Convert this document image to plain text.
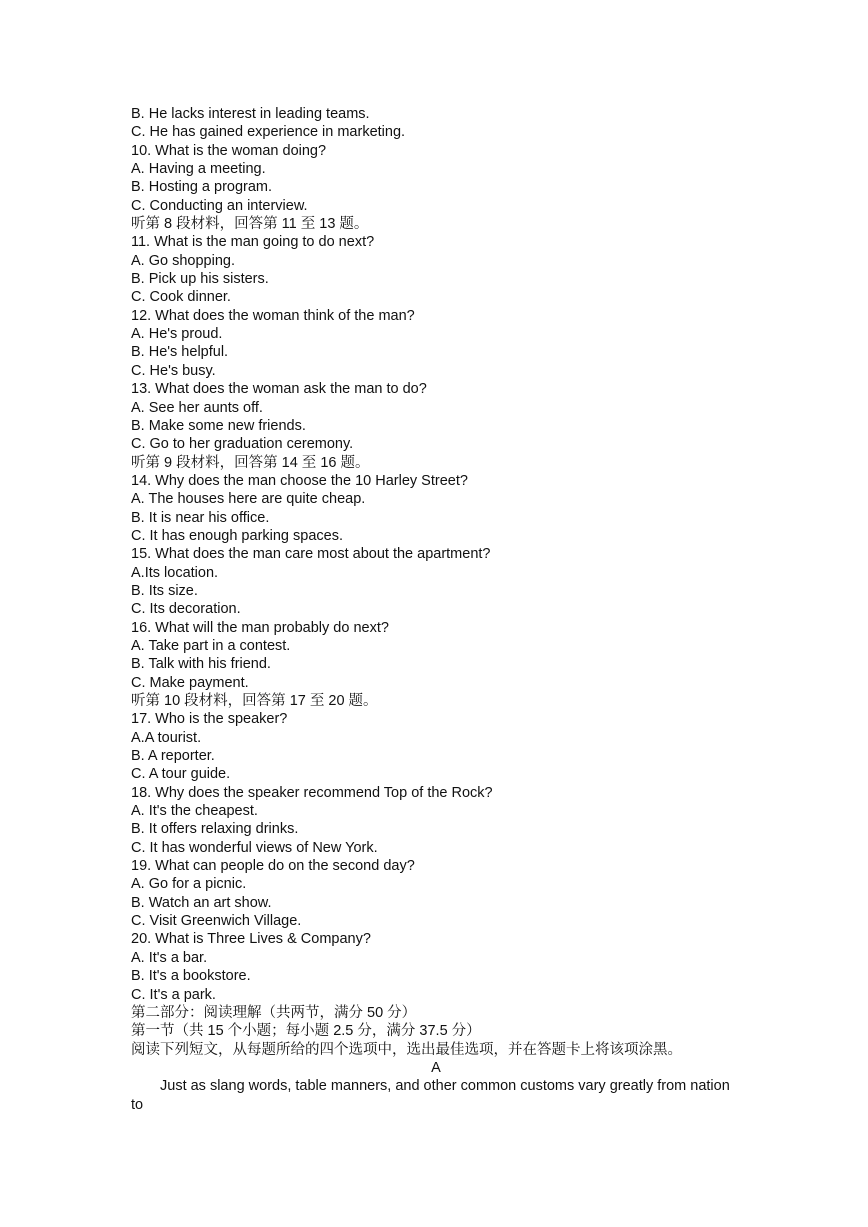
B. He lacks interest in leading teams.
C. He has gained experience in marketing.
10. What is the woman doing?
A. Having a meeting.
B. Hosting a program.
C. Conducting an interview.
听第 8 段材料，回答第 11 至 13 题。
11. What is the man going to do next?
A. Go shopping.
B. Pick up his sisters.
C. Cook dinner.
12. What does the woman think of the man?
A. He's proud.
B. He's helpful.
C. He's busy.
13. What does the woman ask the man to do?
A. See her aunts off.
B. Make some new friends.
C. Go to her graduation ceremony.
听第 9 段材料，回答第 14 至 16 题。
14. Why does the man choose the 10 Harley Street?
A. The houses here are quite cheap.
B. It is near his office.
C. It has enough parking spaces.
15. What does the man care most about the apartment?
A.Its location.
B. Its size.
C. Its decoration.
16. What will the man probably do next?
A. Take part in a contest.
B. Talk with his friend.
C. Make payment.
听第 10 段材料，回答第 17 至 20 题。
17. Who is the speaker?
A.A tourist.
B. A reporter.
C. A tour guide.
18. Why does the speaker recommend Top of the Rock?
A. It's the cheapest.
B. It offers relaxing drinks.
C. It has wonderful views of New York.
19. What can people do on the second day?
A. Go for a picnic.
B. Watch an art show.
C. Visit Greenwich Village.
20. What is Three Lives & Company?
A. It's a bar.
B. It's a bookstore.
C. It's a park.
第二部分：阅读理解（共两节，满分 50 分）
第一节（共 15 个小题；每小题 2.5 分，满分 37.5 分）
阅读下列短文，从每题所给的四个选项中，选出最佳选项，并在答题卡上将该项涂黑。
A
Just as slang words, table manners, and other common customs vary greatly from nation to
